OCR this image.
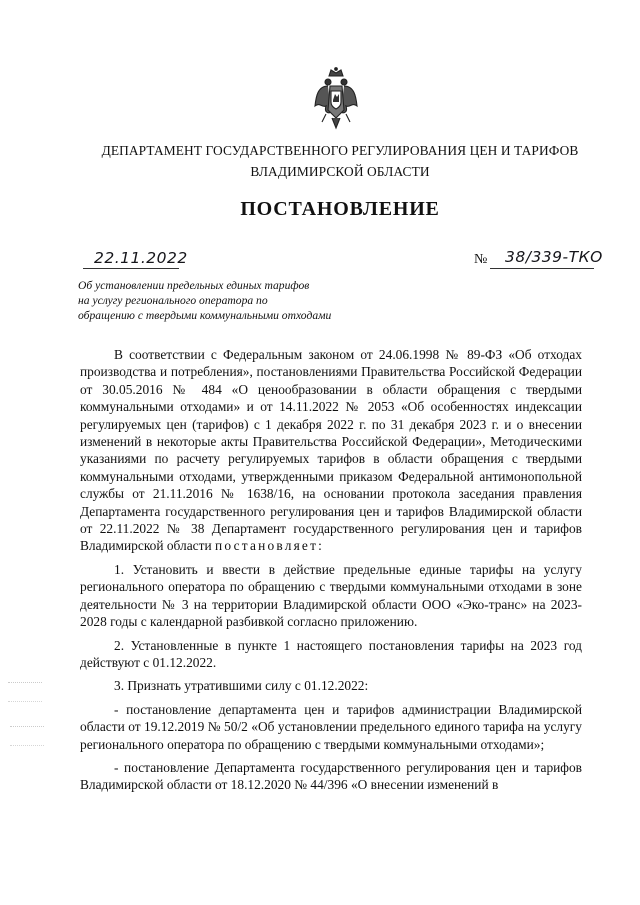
ДЕПАРТАМЕНТ ГОСУДАРСТВЕННОГО РЕГУЛИРОВАНИЯ ЦЕН И ТАРИФОВ
ВЛАДИМИРСКОЙ ОБЛАСТИ
ПОСТАНОВЛЕНИЕ
22.11.2022	№ 38/339-ТКО
Об установлении предельных единых тарифов
на услугу регионального оператора по
обращению с твердыми коммунальными отходами

В соответствии с Федеральным законом от 24.06.1998 № 89-ФЗ «Об отходах производства и потребления», постановлениями Правительства Российской Федерации от 30.05.2016 № 484 «О ценообразовании в области обращения с твердыми коммунальными отходами» и от 14.11.2022 № 2053 «Об особенностях индексации регулируемых цен (тарифов) с 1 декабря 2022 г. по 31 декабря 2023 г. и о внесении изменений в некоторые акты Правительства Российской Федерации», Методическими указаниями по расчету регулируемых тарифов в области обращения с твердыми коммунальными отходами, утвержденными приказом Федеральной антимонопольной службы от 21.11.2016 № 1638/16, на основании протокола заседания правления Департамента государственного регулирования цен и тарифов Владимирской области от 22.11.2022 № 38 Департамент государственного регулирования цен и тарифов Владимирской области постановляет:

1. Установить и ввести в действие предельные единые тарифы на услугу регионального оператора по обращению с твердыми коммунальными отходами в зоне деятельности № 3 на территории Владимирской области ООО «Эко-транс» на 2023-2028 годы с календарной разбивкой согласно приложению.

2. Установленные в пункте 1 настоящего постановления тарифы на 2023 год действуют с 01.12.2022.

3. Признать утратившими силу с 01.12.2022:

- постановление департамента цен и тарифов администрации Владимирской области от 19.12.2019 № 50/2 «Об установлении предельного единого тарифа на услугу регионального оператора по обращению с твердыми коммунальными отходами»;

- постановление Департамента государственного регулирования цен и тарифов Владимирской области от 18.12.2020 № 44/396 «О внесении изменений в
